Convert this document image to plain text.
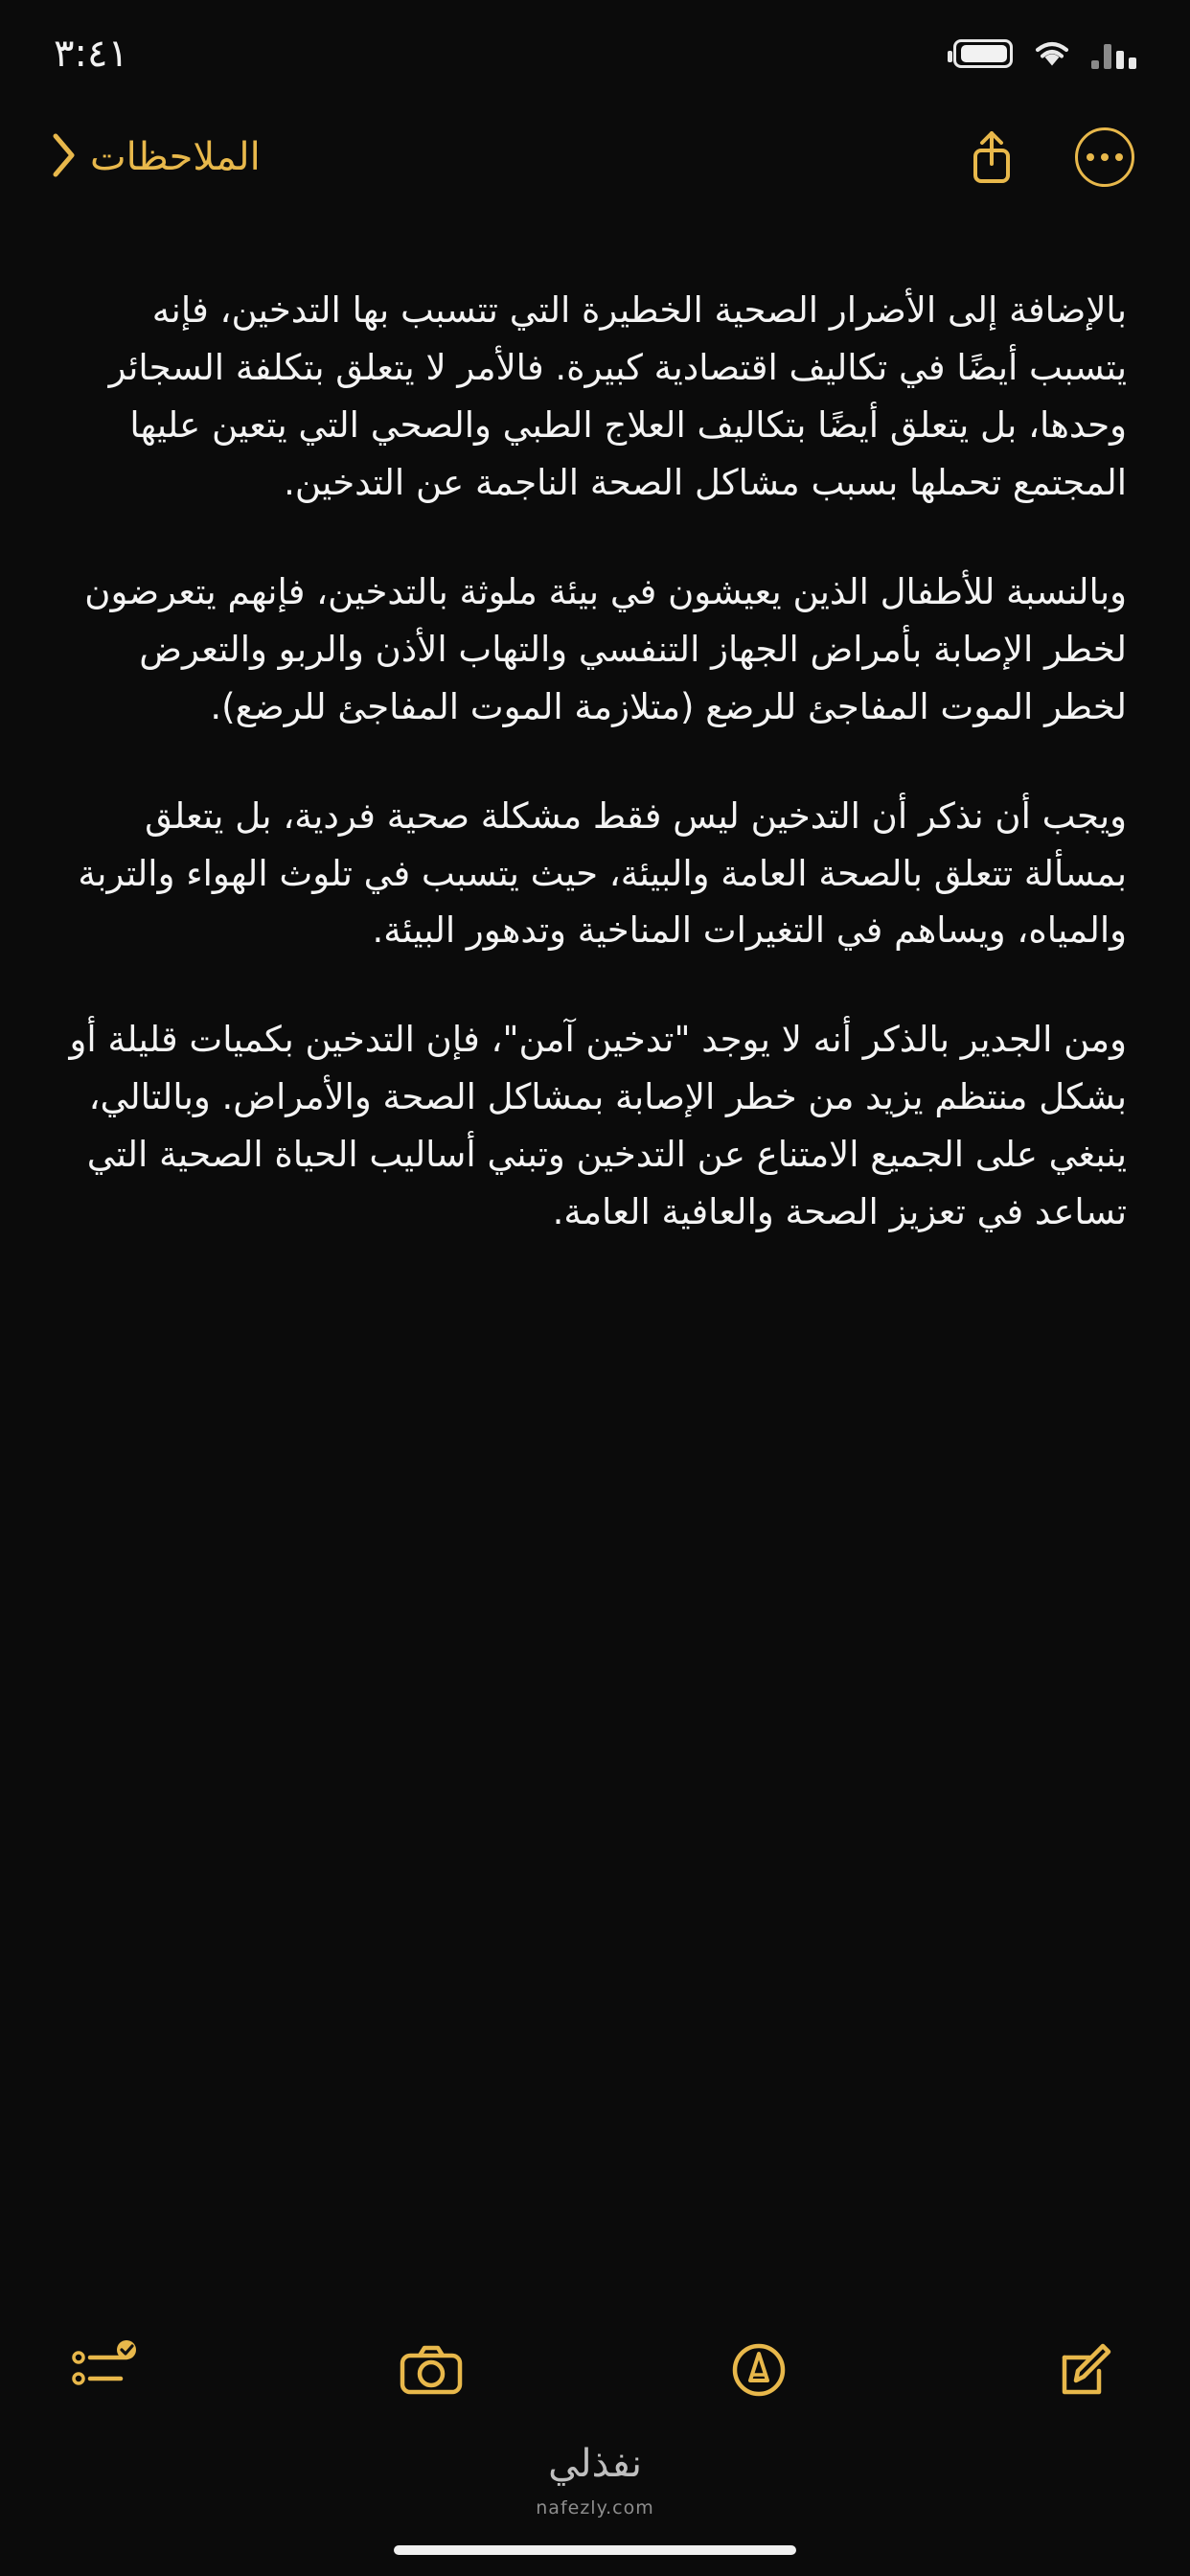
٣:٤١
الملاحظات

بالإضافة إلى الأضرار الصحية الخطيرة التي تتسبب بها التدخين، فإنه يتسبب أيضًا في تكاليف اقتصادية كبيرة. فالأمر لا يتعلق بتكلفة السجائر وحدها، بل يتعلق أيضًا بتكاليف العلاج الطبي والصحي التي يتعين عليها المجتمع تحملها بسبب مشاكل الصحة الناجمة عن التدخين.

وبالنسبة للأطفال الذين يعيشون في بيئة ملوثة بالتدخين، فإنهم يتعرضون لخطر الإصابة بأمراض الجهاز التنفسي والتهاب الأذن والربو والتعرض لخطر الموت المفاجئ للرضع (متلازمة الموت المفاجئ للرضع).

ويجب أن نذكر أن التدخين ليس فقط مشكلة صحية فردية، بل يتعلق بمسألة تتعلق بالصحة العامة والبيئة، حيث يتسبب في تلوث الهواء والتربة والمياه، ويساهم في التغيرات المناخية وتدهور البيئة.

ومن الجدير بالذكر أنه لا يوجد "تدخين آمن"، فإن التدخين بكميات قليلة أو بشكل منتظم يزيد من خطر الإصابة بمشاكل الصحة والأمراض. وبالتالي، ينبغي على الجميع الامتناع عن التدخين وتبني أساليب الحياة الصحية التي تساعد في تعزيز الصحة والعافية العامة.

نفذلي
nafezly.com
